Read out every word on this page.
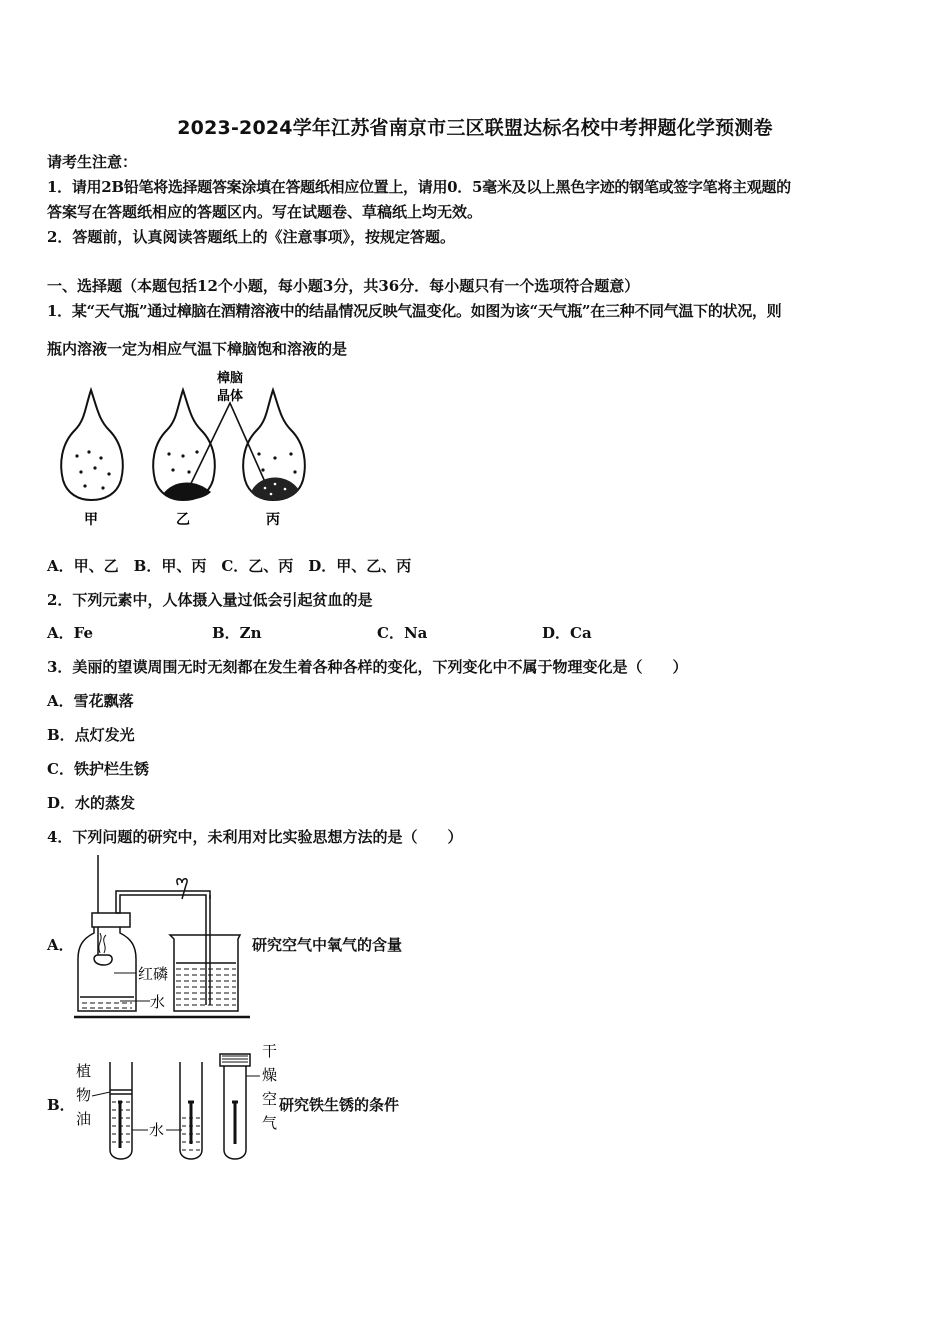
2023-2024学年江苏省南京市三区联盟达标名校中考押题化学预测卷
请考生注意：
1．请用2B铅笔将选择题答案涂填在答题纸相应位置上，请用0．5毫米及以上黑色字迹的钢笔或签字笔将主观题的
答案写在答题纸相应的答题区内。写在试题卷、草稿纸上均无效。
2．答题前，认真阅读答题纸上的《注意事项》，按规定答题。
一、选择题（本题包括12个小题，每小题3分，共36分．每小题只有一个选项符合题意）
1．某“天气瓶”通过樟脑在酒精溶液中的结晶情况反映气温变化。如图为该“天气瓶”在三种不同气温下的状况，则
瓶内溶液一定为相应气温下樟脑饱和溶液的是
樟脑
晶体
甲	乙	丙
A．甲、乙　B．甲、丙　C．乙、丙　D．甲、乙、丙
2．下列元素中，人体摄入量过低会引起贫血的是
A．Fe	B．Zn	C．Na	D．Ca
3．美丽的望谟周围无时无刻都在发生着各种各样的变化，下列变化中不属于物理变化是（　　）
A．雪花飘落
B．点灯发光
C．铁护栏生锈
D．水的蒸发
4．下列问题的研究中，未利用对比实验思想方法的是（　　）
A．
红磷
水
研究空气中氧气的含量
B．
植
物
油
水
干
燥
空
气
研究铁生锈的条件
